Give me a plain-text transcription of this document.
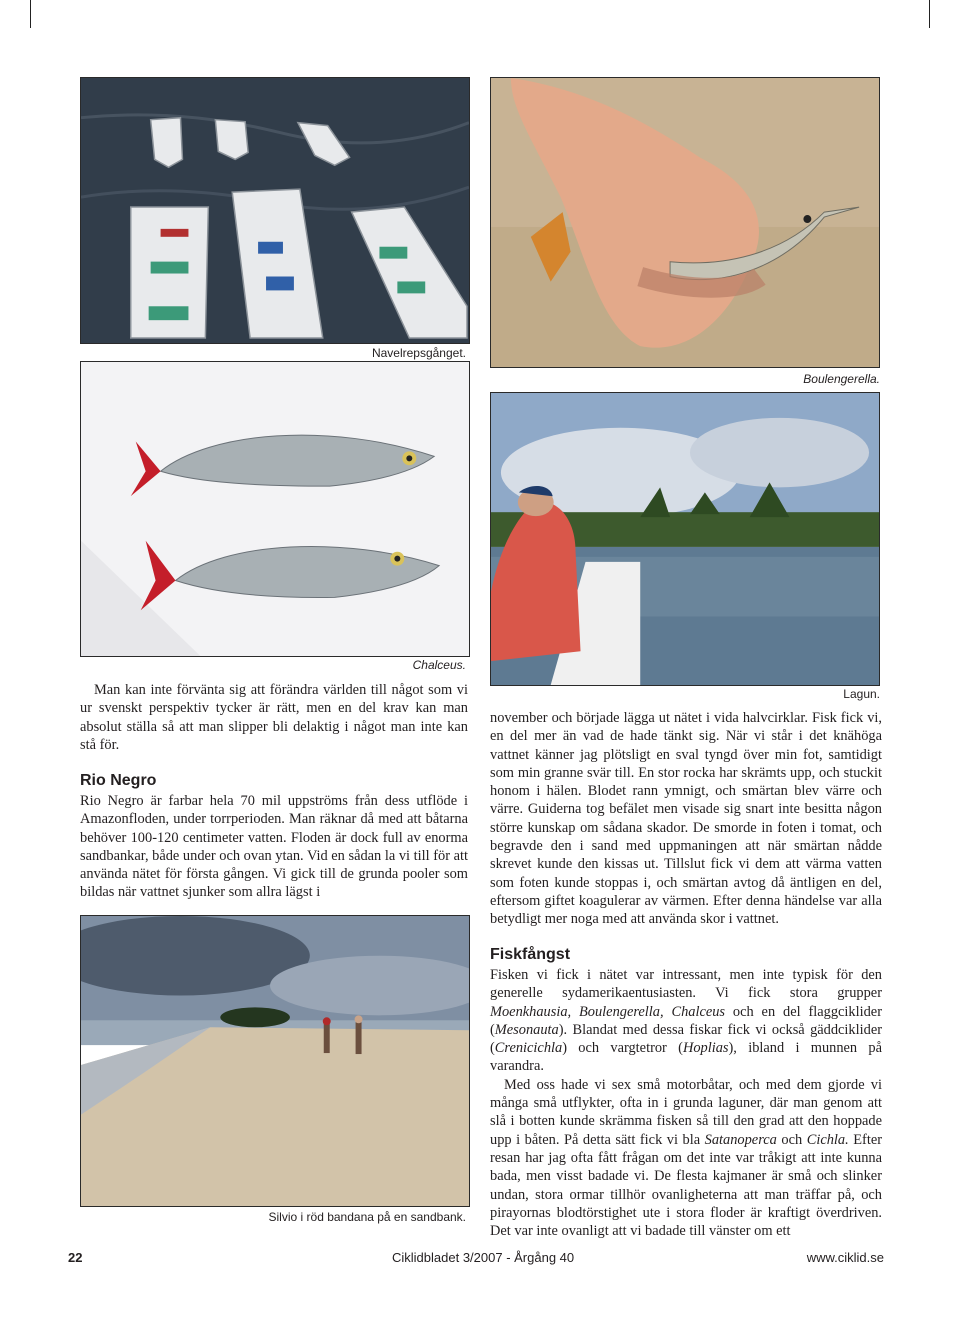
Navelrepsgånget.
Boulengerella.
Chalceus.
Lagun.
Silvio i röd bandana på en sandbank.

Man kan inte förvänta sig att förändra världen till något som vi ur svenskt perspektiv tycker är rätt, men en del krav kan man absolut ställa så att man slipper bli delaktig i något man inte kan stå för.

Rio Negro

Rio Negro är farbar hela 70 mil uppströms från dess utflöde i Amazonfloden, under torrperioden. Man räknar då med att båtarna behöver 100-120 centimeter vatten. Floden är dock full av enorma sandbankar, både under och ovan ytan. Vid en sådan la vi till för att använda nätet för första gången. Vi gick till de grunda pooler som bildas när vattnet sjunker som allra lägst i

november och började lägga ut nätet i vida halvcirklar. Fisk fick vi, en del mer än vad de hade tänkt sig. När vi står i det knähöga vattnet känner jag plötsligt en sval tyngd över min fot, samtidigt som min granne svär till. En stor rocka har skrämts upp, och stuckit honom i hälen. Blodet rann ymnigt, och smärtan blev värre och värre. Guiderna tog befälet men visade sig snart inte besitta någon större kunskap om sådana skador. De smorde in foten i tomat, och begravde den i sand med uppmaningen att när smärtan nådde skrevet kunde den kissas ut. Tillslut fick vi dem att värma vatten som foten kunde stoppas i, och smärtan avtog då äntligen en del, eftersom giftet koagulerar av värmen. Efter denna händelse var alla betydligt mer noga med att använda skor i vattnet.

Fiskfångst

Fisken vi fick i nätet var intressant, men inte typisk för den generelle sydamerikaentusiasten. Vi fick stora grupper Moenkhausia, Boulengerella, Chalceus och en del flaggciklider (Mesonauta). Blandat med dessa fiskar fick vi också gäddciklider (Crenicichla) och vargtetror (Hoplias), ibland i munnen på varandra.

Med oss hade vi sex små motorbåtar, och med dem gjorde vi många små utflykter, ofta in i grunda laguner, där man genom att slå i botten kunde skrämma fisken så till den grad att den hoppade upp i båten. På detta sätt fick vi bla Satanoperca och Cichla. Efter resan har jag ofta fått frågan om det inte var tråkigt att inte kunna bada, men visst badade vi. De flesta kajmaner är små och slinker undan, stora ormar tillhör ovanligheterna att man träffar på, och pirayornas blodtörstighet ute i stora floder är kraftigt överdriven. Det var inte ovanligt att vi badade till vänster om ett

22	Ciklidbladet 3/2007 - Årgång 40	www.ciklid.se
